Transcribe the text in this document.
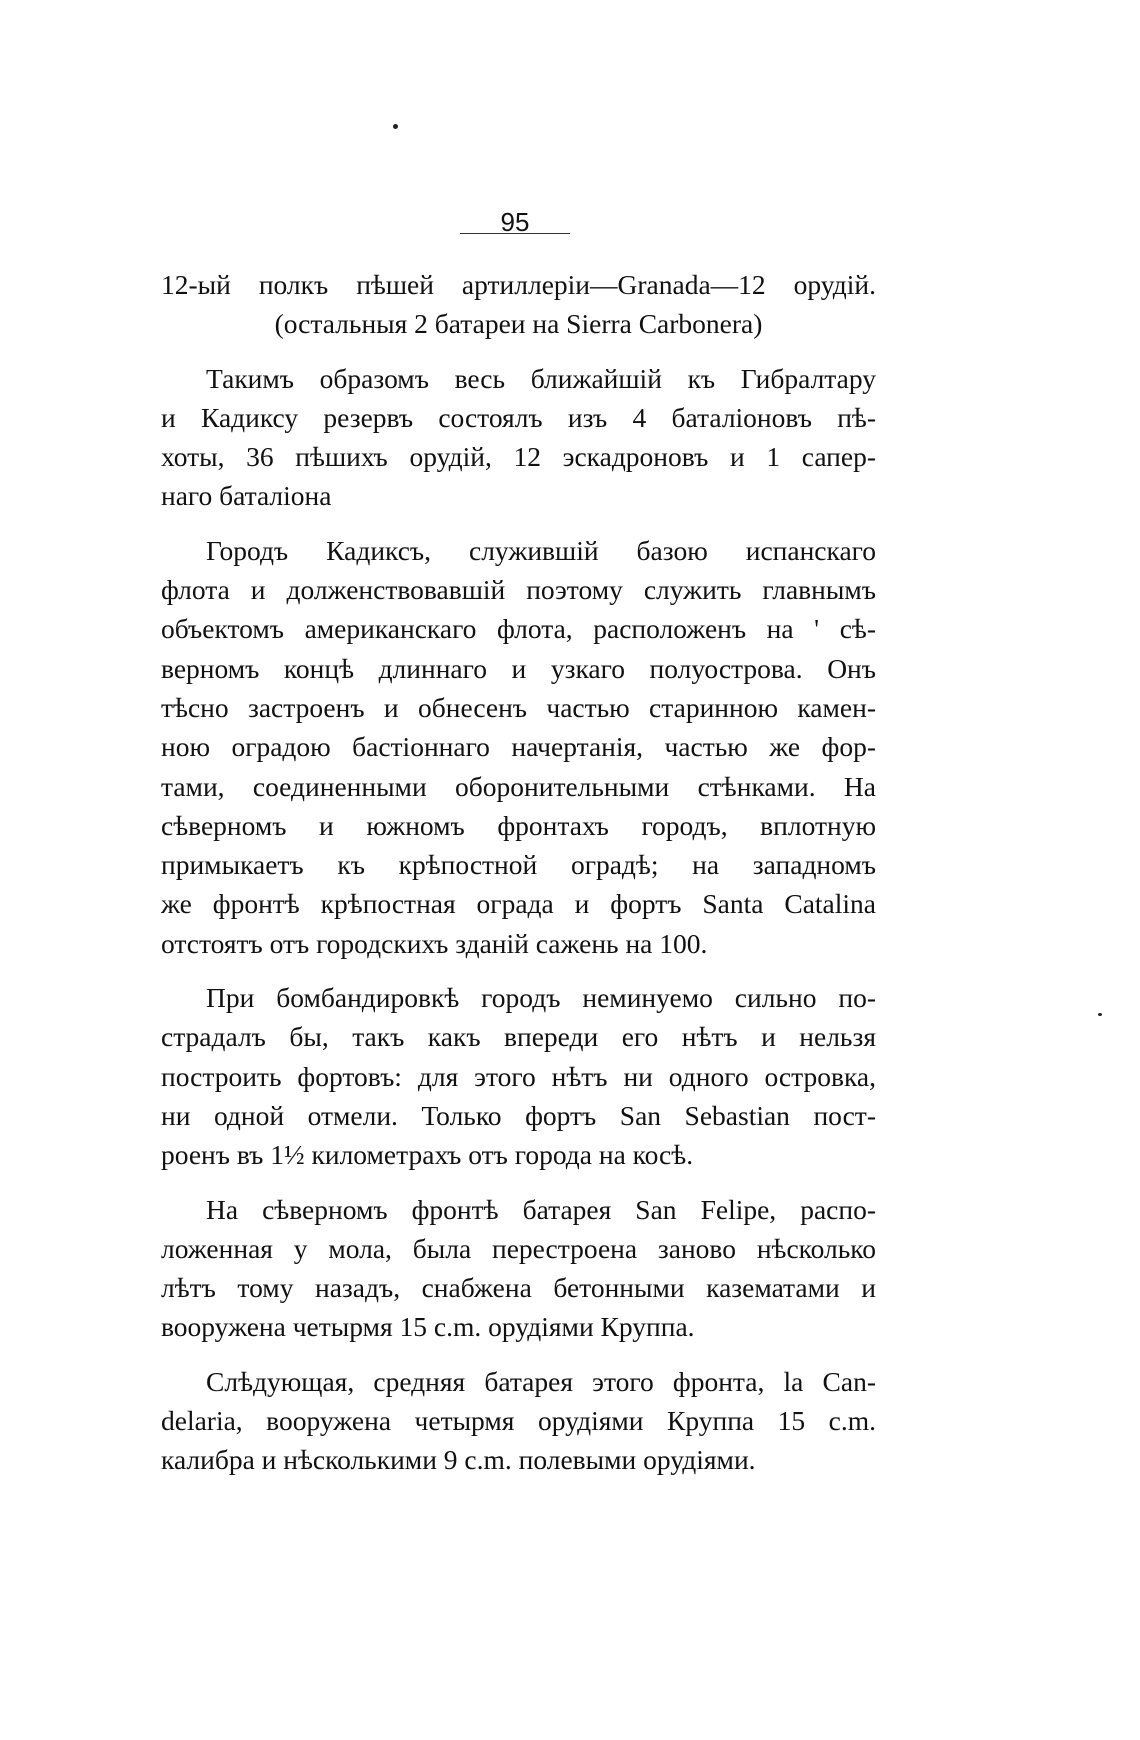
95
12-ый полкъ пѣшей артиллеріи—Granada—12 орудій.
(остальныя 2 батареи на Sierra Carbonera)
Такимъ образомъ весь ближайшій къ Гибралтару
и Кадиксу резервъ состоялъ изъ 4 баталіоновъ пѣ-
хоты, 36 пѣшихъ орудій, 12 эскадроновъ и 1 сапер-
наго баталіона
Городъ Кадиксъ, служившій базою испанскаго
флота и долженствовавшій поэтому служить главнымъ
объектомъ американскаго флота, расположенъ на ' сѣ-
верномъ концѣ длиннаго и узкаго полуострова. Онъ
тѣсно застроенъ и обнесенъ частью старинною камен-
ною оградою бастіоннаго начертанія, частью же фор-
тами, соединенными оборонительными стѣнками. На
сѣверномъ и южномъ фронтахъ городъ, вплотную
примыкаетъ къ крѣпостной оградѣ; на западномъ
же фронтѣ крѣпостная ограда и фортъ Santa Catalina
отстоятъ отъ городскихъ зданій сажень на 100.
При бомбандировкѣ городъ неминуемо сильно по-
страдалъ бы, такъ какъ впереди его нѣтъ и нельзя
построить фортовъ: для этого нѣтъ ни одного островка,
ни одной отмели. Только фортъ San Sebastian пост-
роенъ въ 1½ километрахъ отъ города на косѣ.
На сѣверномъ фронтѣ батарея San Felipe, распо-
ложенная у мола, была перестроена заново нѣсколько
лѣтъ тому назадъ, снабжена бетонными казематами и
вооружена четырмя 15 c.m. орудіями Круппа.
Слѣдующая, средняя батарея этого фронта, la Can-
delaria, вооружена четырмя орудіями Круппа 15 c.m.
калибра и нѣсколькими 9 c.m. полевыми орудіями.
